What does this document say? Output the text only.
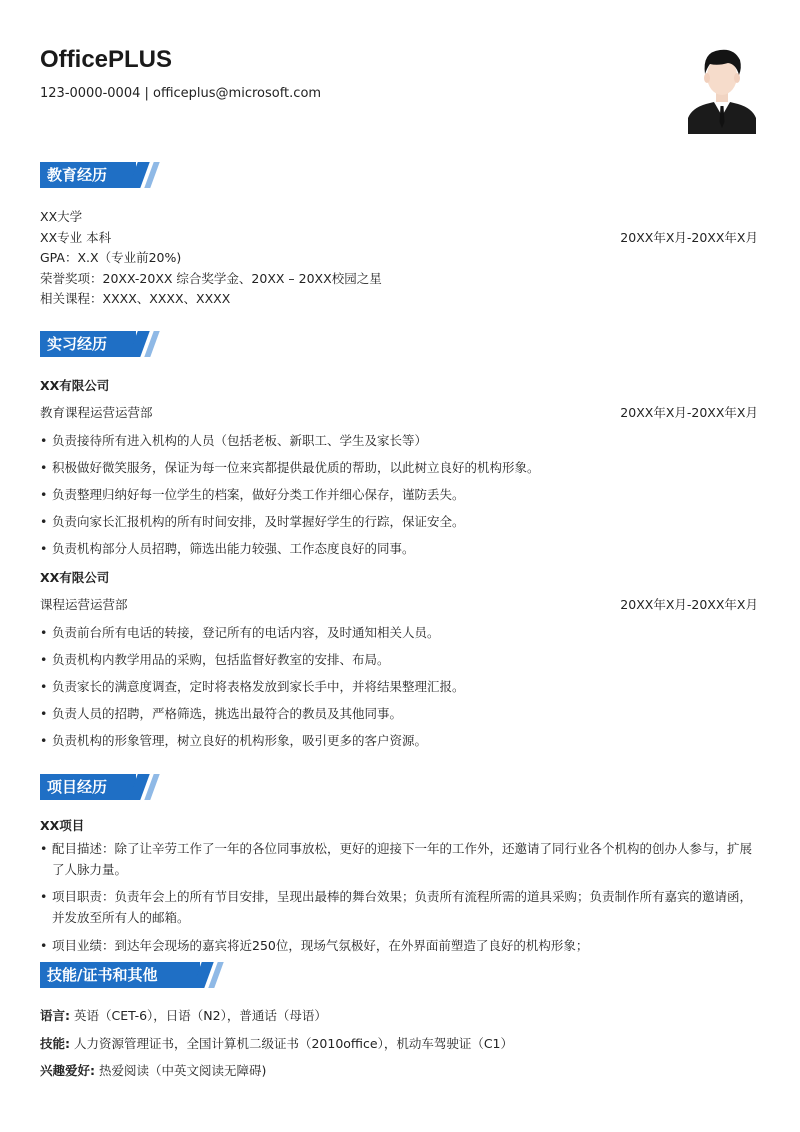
OfficePLUS
123-0000-0004 | officeplus@microsoft.com
教育经历
XX大学
XX专业 本科	20XX年X月-20XX年X月
GPA：X.X（专业前20%)
荣誉奖项：20XX-20XX 综合奖学金、20XX – 20XX校园之星
相关课程：XXXX、XXXX、XXXX
实习经历
XX有限公司
教育课程运营运营部	20XX年X月-20XX年X月
• 负责接待所有进入机构的人员（包括老板、新职工、学生及家长等）
• 积极做好微笑服务，保证为每一位来宾都提供最优质的帮助，以此树立良好的机构形象。
• 负责整理归纳好每一位学生的档案，做好分类工作并细心保存，谨防丢失。
• 负责向家长汇报机构的所有时间安排，及时掌握好学生的行踪，保证安全。
• 负责机构部分人员招聘，筛选出能力较强、工作态度良好的同事。
XX有限公司
课程运营运营部	20XX年X月-20XX年X月
• 负责前台所有电话的转接，登记所有的电话内容，及时通知相关人员。
• 负责机构内教学用品的采购，包括监督好教室的安排、布局。
• 负责家长的满意度调查，定时将表格发放到家长手中，并将结果整理汇报。
• 负责人员的招聘，严格筛选，挑选出最符合的教员及其他同事。
• 负责机构的形象管理，树立良好的机构形象，吸引更多的客户资源。
项目经历
XX项目
• 配目描述：除了让辛劳工作了一年的各位同事放松，更好的迎接下一年的工作外，还邀请了同行业各个机构的创办人参与，扩展了人脉力量。
• 项目职责：负责年会上的所有节目安排，呈现出最棒的舞台效果；负责所有流程所需的道具采购；负责制作所有嘉宾的邀请函，并发放至所有人的邮箱。
• 项目业绩：到达年会现场的嘉宾将近250位，现场气氛极好，在外界面前塑造了良好的机构形象；
技能/证书和其他
语言: 英语（CET-6），日语（N2），普通话（母语）
技能: 人力资源管理证书，全国计算机二级证书（2010office），机动车驾驶证（C1）
兴趣爱好: 热爱阅读（中英文阅读无障碍)
